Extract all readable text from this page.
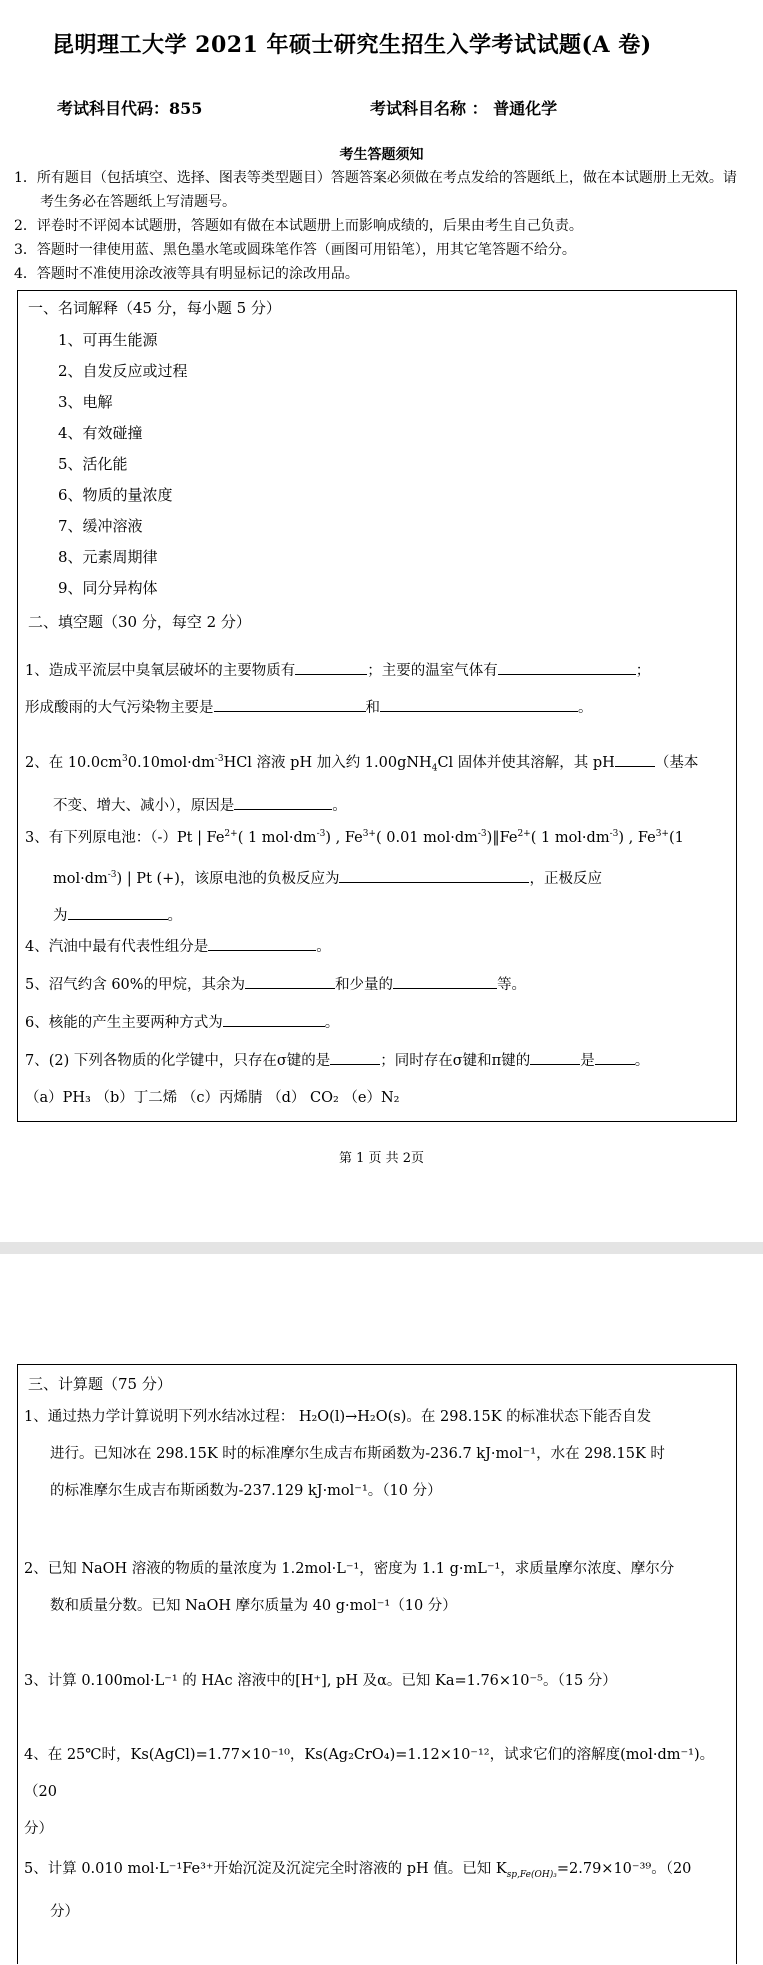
昆明理工大学 2021 年硕士研究生招生入学考试试题(A 卷)
考试科目代码：855	考试科目名称 ： 普通化学
考生答题须知
1．所有题目（包括填空、选择、图表等类型题目）答题答案必须做在考点发给的答题纸上，做在本试题册上无效。请考生务必在答题纸上写清题号。
2．评卷时不评阅本试题册，答题如有做在本试题册上而影响成绩的，后果由考生自己负责。
3．答题时一律使用蓝、黑色墨水笔或圆珠笔作答（画图可用铅笔），用其它笔答题不给分。
4．答题时不准使用涂改液等具有明显标记的涂改用品。
一、名词解释（45 分，每小题 5 分）
1、可再生能源
2、自发反应或过程
3、电解
4、有效碰撞
5、活化能
6、物质的量浓度
7、缓冲溶液
8、元素周期律
9、同分异构体
二、填空题（30 分，每空 2 分）
1、造成平流层中臭氧层破坏的主要物质有	；主要的温室气体有	；
形成酸雨的大气污染物主要是	和	。
2、在 $10.0cm^30.10mol\cdot dm^{-3}HCl$ 溶液 pH 加入约 1.00gNH$_4$Cl 固体并使其溶解，其 pH	（基本
不变、增大、减小），原因是	。
3、有下列原电池：（-）Pt | $Fe^{2+}$( 1 $mol\cdot dm^{-3}$) , $Fe^{3+}$( 0.01 $mol\cdot dm^{-3})‖Fe^{2+}$( 1 $mol\cdot dm^{-3}$) , $Fe^{3+}(1$
$mol\cdot dm^{-3}$) | Pt (+)，该原电池的负极反应为	，正极反应
为	。
4、汽油中最有代表性组分是	。
5、沼气约含 60%的甲烷，其余为	和少量的	等。
6、核能的产生主要两种方式为	。
7、(2) 下列各物质的化学键中，只存在σ键的是	；同时存在σ键和π键的	是	。
（a）PH₃ （b）丁二烯 （c）丙烯腈 （d） CO₂ （e）N₂
第 1 页 共 2页
三、计算题（75 分）
1、通过热力学计算说明下列水结冰过程： H₂O(l)→H₂O(s)。在 298.15K 的标准状态下能否自发
进行。已知冰在 298.15K 时的标准摩尔生成吉布斯函数为-236.7 kJ·mol⁻¹，水在 298.15K 时
的标准摩尔生成吉布斯函数为-237.129 kJ·mol⁻¹。（10 分）
2、已知 NaOH 溶液的物质的量浓度为 1.2mol·L⁻¹，密度为 1.1 g·mL⁻¹，求质量摩尔浓度、摩尔分
数和质量分数。已知 NaOH 摩尔质量为 40 g·mol⁻¹（10 分）
3、计算 0.100mol·L⁻¹ 的 HAc 溶液中的[H⁺], pH 及α。已知 Ka=1.76×10⁻⁵。（15 分）
4、在 25℃时，Ks(AgCl)=1.77×10⁻¹⁰，Ks(Ag₂CrO₄)=1.12×10⁻¹²，试求它们的溶解度(mol·dm⁻¹)。（20
分）
5、计算 0.010 mol·L⁻¹Fe³⁺开始沉淀及沉淀完全时溶液的 pH 值。已知 $K_{sp,Fe(OH)_3}=2.79\times 10^{-39}$。（20
分）
